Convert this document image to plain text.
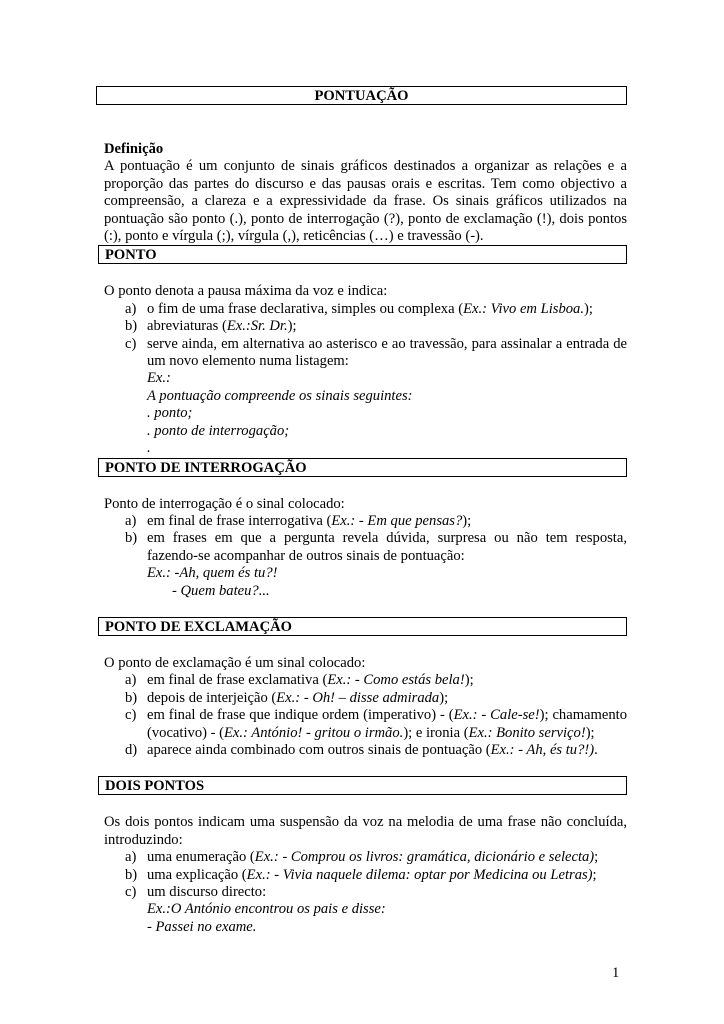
PONTUAÇÃO

Definição

A pontuação é um conjunto de sinais gráficos destinados a organizar as relações e a proporção das partes do discurso e das pausas orais e escritas. Tem como objectivo a compreensão, a clareza e a expressividade da frase. Os sinais gráficos utilizados na pontuação são ponto (.), ponto de interrogação (?), ponto de exclamação (!), dois pontos (:), ponto e vírgula (;), vírgula (,), reticências (…) e travessão (-).

PONTO

O ponto denota a pausa máxima da voz e indica:

a) o fim de uma frase declarativa, simples ou complexa (Ex.: Vivo em Lisboa.);
b) abreviaturas (Ex.:Sr. Dr.);
c) serve ainda, em alternativa ao asterisco e ao travessão, para assinalar a entrada de um novo elemento numa listagem:

Ex.:

A pontuação compreende os sinais seguintes:

. ponto;

. ponto de interrogação;

.

PONTO DE INTERROGAÇÃO

Ponto de interrogação é o sinal colocado:

a) em final de frase interrogativa (Ex.: - Em que pensas?);
b) em frases em que a pergunta revela dúvida, surpresa ou não tem resposta, fazendo-se acompanhar de outros sinais de pontuação:

Ex.: -Ah, quem és tu?!

- Quem bateu?...

PONTO DE EXCLAMAÇÃO

O ponto de exclamação é um sinal colocado:

a) em final de frase exclamativa (Ex.: - Como estás bela!);
b) depois de interjeição (Ex.: - Oh! – disse admirada);
c) em final de frase que indique ordem (imperativo) - (Ex.: - Cale-se!); chamamento (vocativo) - (Ex.: António! - gritou o irmão.); e ironia (Ex.: Bonito serviço!);
d) aparece ainda combinado com outros sinais de pontuação (Ex.: - Ah, és tu?!).
DOIS PONTOS

Os dois pontos indicam uma suspensão da voz na melodia de uma frase não concluída, introduzindo:

a) uma enumeração (Ex.: - Comprou os livros: gramática, dicionário e selecta);
b) uma explicação (Ex.: - Vivia naquele dilema: optar por Medicina ou Letras);
c) um discurso directo:

Ex.:O António encontrou os pais e disse:

- Passei no exame.

1
